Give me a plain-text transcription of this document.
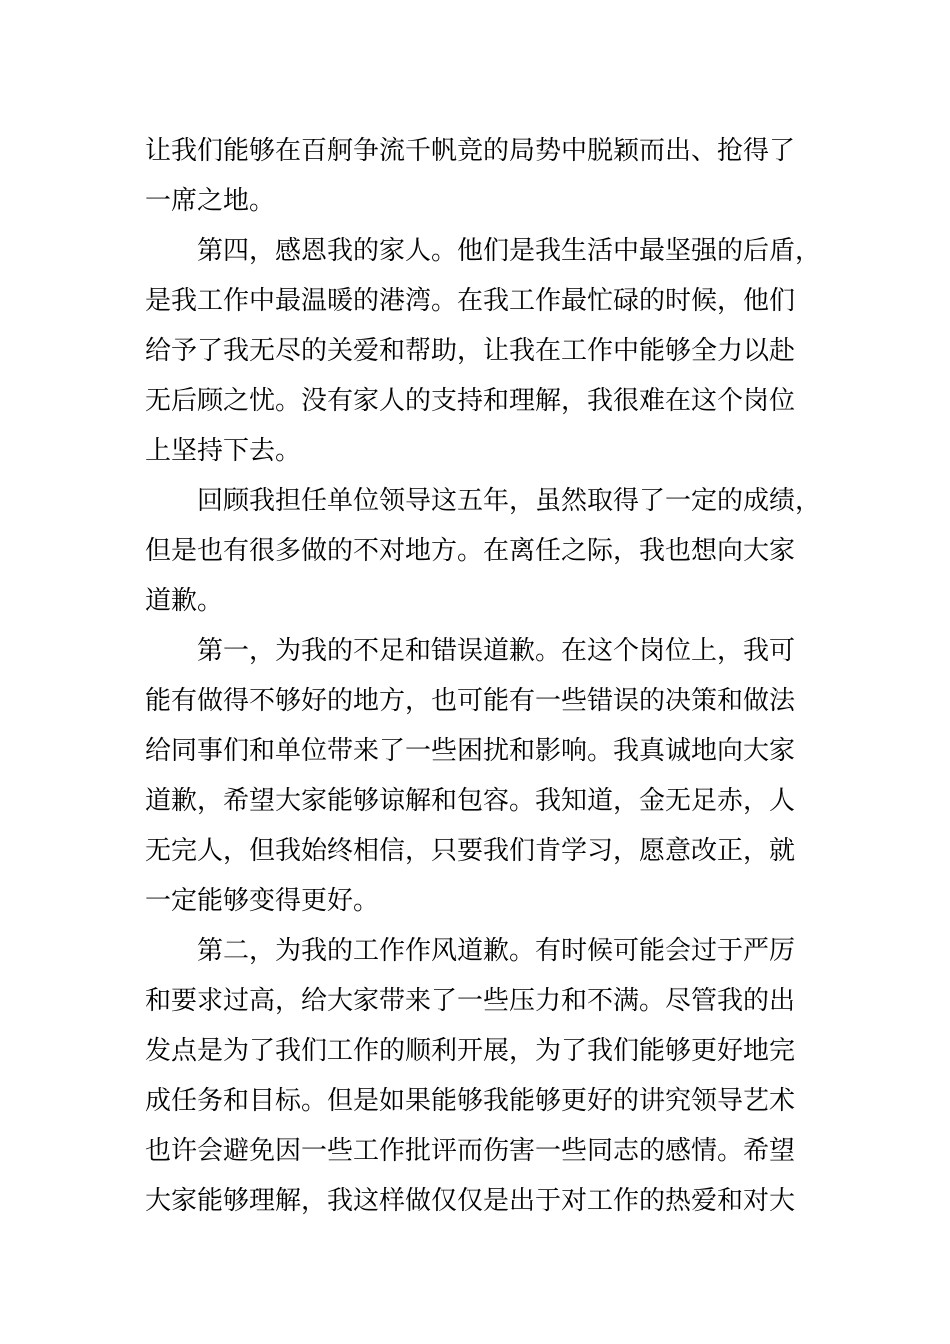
让我们能够在百舸争流千帆竞的局势中脱颖而出、抢得了
一席之地。
第四，感恩我的家人。他们是我生活中最坚强的后盾，
是我工作中最温暖的港湾。在我工作最忙碌的时候，他们
给予了我无尽的关爱和帮助，让我在工作中能够全力以赴
无后顾之忧。没有家人的支持和理解，我很难在这个岗位
上坚持下去。
回顾我担任单位领导这五年，虽然取得了一定的成绩，
但是也有很多做的不对地方。在离任之际，我也想向大家
道歉。
第一，为我的不足和错误道歉。在这个岗位上，我可
能有做得不够好的地方，也可能有一些错误的决策和做法
给同事们和单位带来了一些困扰和影响。我真诚地向大家
道歉，希望大家能够谅解和包容。我知道，金无足赤，人
无完人，但我始终相信，只要我们肯学习，愿意改正，就
一定能够变得更好。
第二，为我的工作作风道歉。有时候可能会过于严厉
和要求过高，给大家带来了一些压力和不满。尽管我的出
发点是为了我们工作的顺利开展，为了我们能够更好地完
成任务和目标。但是如果能够我能够更好的讲究领导艺术
也许会避免因一些工作批评而伤害一些同志的感情。希望
大家能够理解，我这样做仅仅是出于对工作的热爱和对大
